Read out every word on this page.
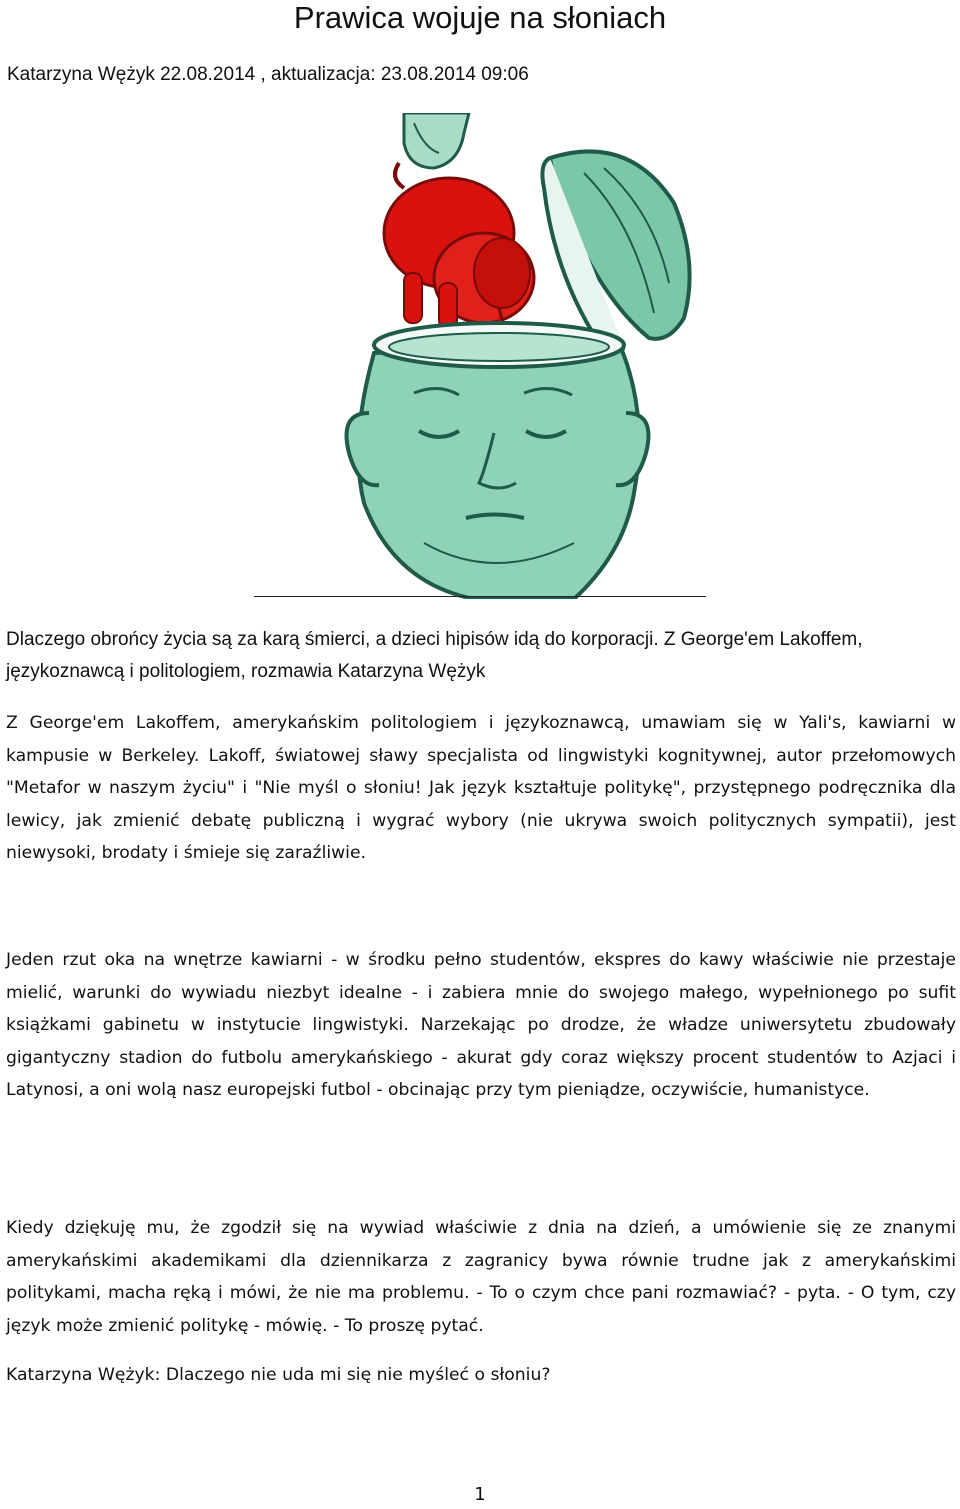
Prawica wojuje na słoniach
Katarzyna Wężyk 22.08.2014 , aktualizacja: 23.08.2014 09:06

Dlaczego obrońcy życia są za karą śmierci, a dzieci hipisów idą do korporacji. Z George'em Lakoffem, językoznawcą i politologiem, rozmawia Katarzyna Wężyk

Z George'em Lakoffem, amerykańskim politologiem i językoznawcą, umawiam się w Yali's, kawiarni w kampusie w Berkeley. Lakoff, światowej sławy specjalista od lingwistyki kognitywnej, autor przełomowych "Metafor w naszym życiu" i "Nie myśl o słoniu! Jak język kształtuje politykę", przystępnego podręcznika dla lewicy, jak zmienić debatę publiczną i wygrać wybory (nie ukrywa swoich politycznych sympatii), jest niewysoki, brodaty i śmieje się zaraźliwie.

Jeden rzut oka na wnętrze kawiarni - w środku pełno studentów, ekspres do kawy właściwie nie przestaje mielić, warunki do wywiadu niezbyt idealne - i zabiera mnie do swojego małego, wypełnionego po sufit książkami gabinetu w instytucie lingwistyki. Narzekając po drodze, że władze uniwersytetu zbudowały gigantyczny stadion do futbolu amerykańskiego - akurat gdy coraz większy procent studentów to Azjaci i Latynosi, a oni wolą nasz europejski futbol - obcinając przy tym pieniądze, oczywiście, humanistyce.

Kiedy dziękuję mu, że zgodził się na wywiad właściwie z dnia na dzień, a umówienie się ze znanymi amerykańskimi akademikami dla dziennikarza z zagranicy bywa równie trudne jak z amerykańskimi politykami, macha ręką i mówi, że nie ma problemu. - To o czym chce pani rozmawiać? - pyta. - O tym, czy język może zmienić politykę - mówię. - To proszę pytać.

Katarzyna Wężyk: Dlaczego nie uda mi się nie myśleć o słoniu?

1
